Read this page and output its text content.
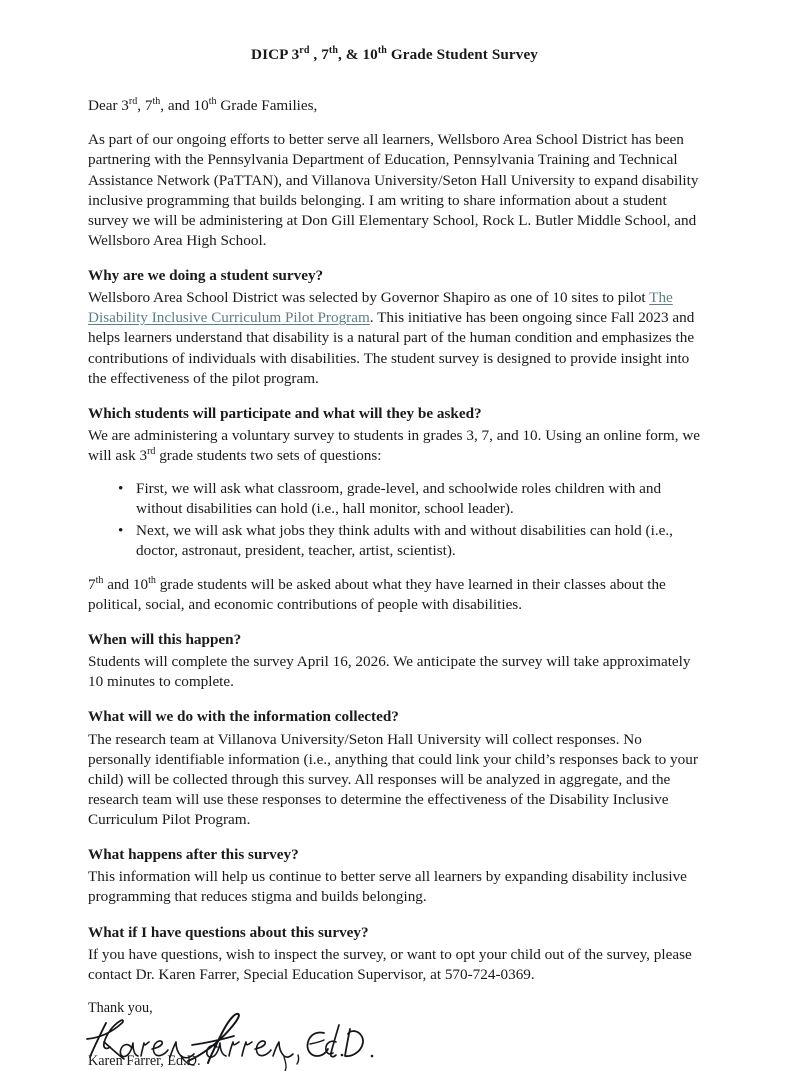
DICP 3rd , 7th, & 10th Grade Student Survey

Dear 3rd, 7th, and 10th Grade Families,

As part of our ongoing efforts to better serve all learners, Wellsboro Area School District has been partnering with the Pennsylvania Department of Education, Pennsylvania Training and Technical Assistance Network (PaTTAN), and Villanova University/Seton Hall University to expand disability inclusive programming that builds belonging. I am writing to share information about a student survey we will be administering at Don Gill Elementary School, Rock L. Butler Middle School, and Wellsboro Area High School.

Why are we doing a student survey?

Wellsboro Area School District was selected by Governor Shapiro as one of 10 sites to pilot The Disability Inclusive Curriculum Pilot Program. This initiative has been ongoing since Fall 2023 and helps learners understand that disability is a natural part of the human condition and emphasizes the contributions of individuals with disabilities. The student survey is designed to provide insight into the effectiveness of the pilot program.

Which students will participate and what will they be asked?

We are administering a voluntary survey to students in grades 3, 7, and 10. Using an online form, we will ask 3rd grade students two sets of questions:

• First, we will ask what classroom, grade-level, and schoolwide roles children with and without disabilities can hold (i.e., hall monitor, school leader).
• Next, we will ask what jobs they think adults with and without disabilities can hold (i.e., doctor, astronaut, president, teacher, artist, scientist).

7th and 10th grade students will be asked about what they have learned in their classes about the political, social, and economic contributions of people with disabilities.

When will this happen?

Students will complete the survey April 16, 2026. We anticipate the survey will take approximately 10 minutes to complete.

What will we do with the information collected?

The research team at Villanova University/Seton Hall University will collect responses. No personally identifiable information (i.e., anything that could link your child’s responses back to your child) will be collected through this survey. All responses will be analyzed in aggregate, and the research team will use these responses to determine the effectiveness of the Disability Inclusive Curriculum Pilot Program.

What happens after this survey?

This information will help us continue to better serve all learners by expanding disability inclusive programming that reduces stigma and builds belonging.

What if I have questions about this survey?

If you have questions, wish to inspect the survey, or want to opt your child out of the survey, please contact Dr. Karen Farrer, Special Education Supervisor, at 570-724-0369.

Thank you,

Karen Farrer, Ed.D.
